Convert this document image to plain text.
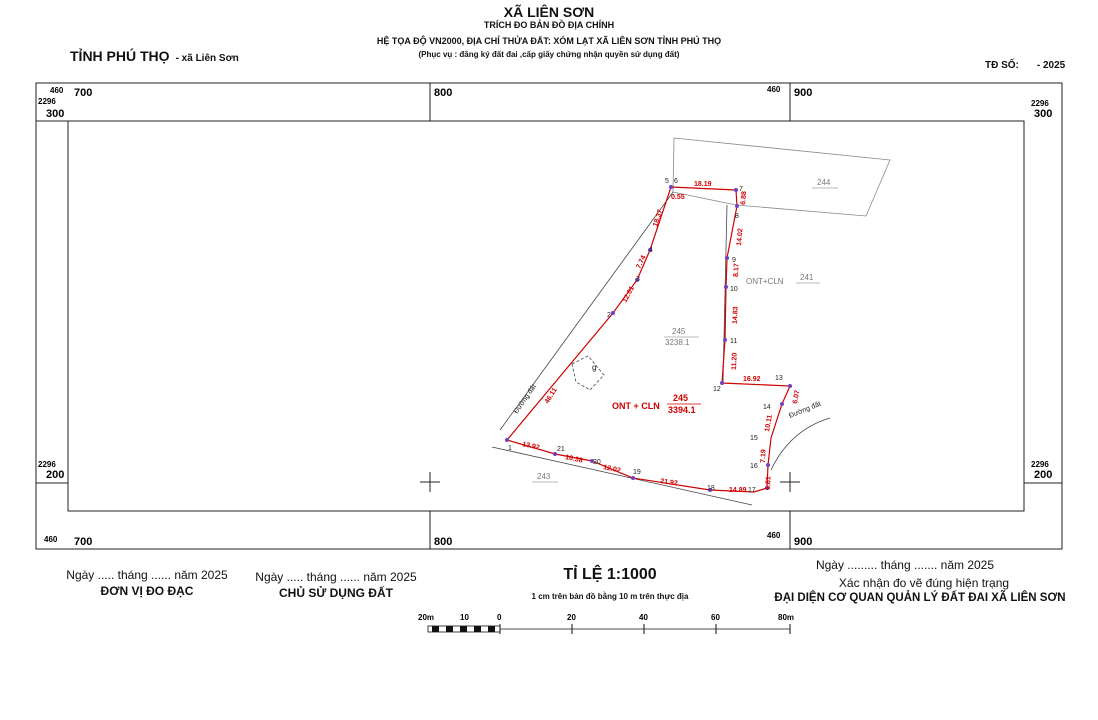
XÃ LIÊN SƠN
TRÍCH ĐO BẢN ĐỒ ĐỊA CHÍNH
HỆ TỌA ĐỘ VN2000, ĐỊA CHỈ THỬA ĐẤT: XÓM LẠT XÃ LIÊN SƠN TỈNH PHÚ THỌ
(Phục vụ : đăng ký đất đai ,cấp giấy chứng nhận quyền sử dụng đất)
TỈNH PHÚ THỌ - xã Liên Sơn
TĐ SỐ: - 2025
460 700
2296
300
800	460 900
2296
300
2296
200
2296
200
460 700	800
460
900
1
2
3
4
5 6
7
8
9
10
11
12
13
14
15
16
17
18
19
20
21
46.11
12.01
7.74
18.37
0.55
18.19
6.88
14.02
8.17
14.83
11.20
16.92
6.07
10.11
7.19
6.81
14.89
21.92
12.02
10.38
13.92
ONT + CLN
245
3394.1
245
3238.1
ONT+CLN 241
244
243
g
Đường đất	Đường đất
20m	10	0	20	40	60	80m
Ngày ..... tháng ...... năm 2025
ĐƠN VỊ ĐO ĐẠC
Ngày ..... tháng ...... năm 2025
CHỦ SỬ DỤNG ĐẤT
TỈ LỆ 1:1000
1 cm trên bản đồ bằng 10 m trên thực địa
Ngày ......... tháng ....... năm 2025
Xác nhận đo vẽ đúng hiện trạng
ĐẠI DIỆN CƠ QUAN QUẢN LÝ ĐẤT ĐAI XÃ LIÊN SƠN
